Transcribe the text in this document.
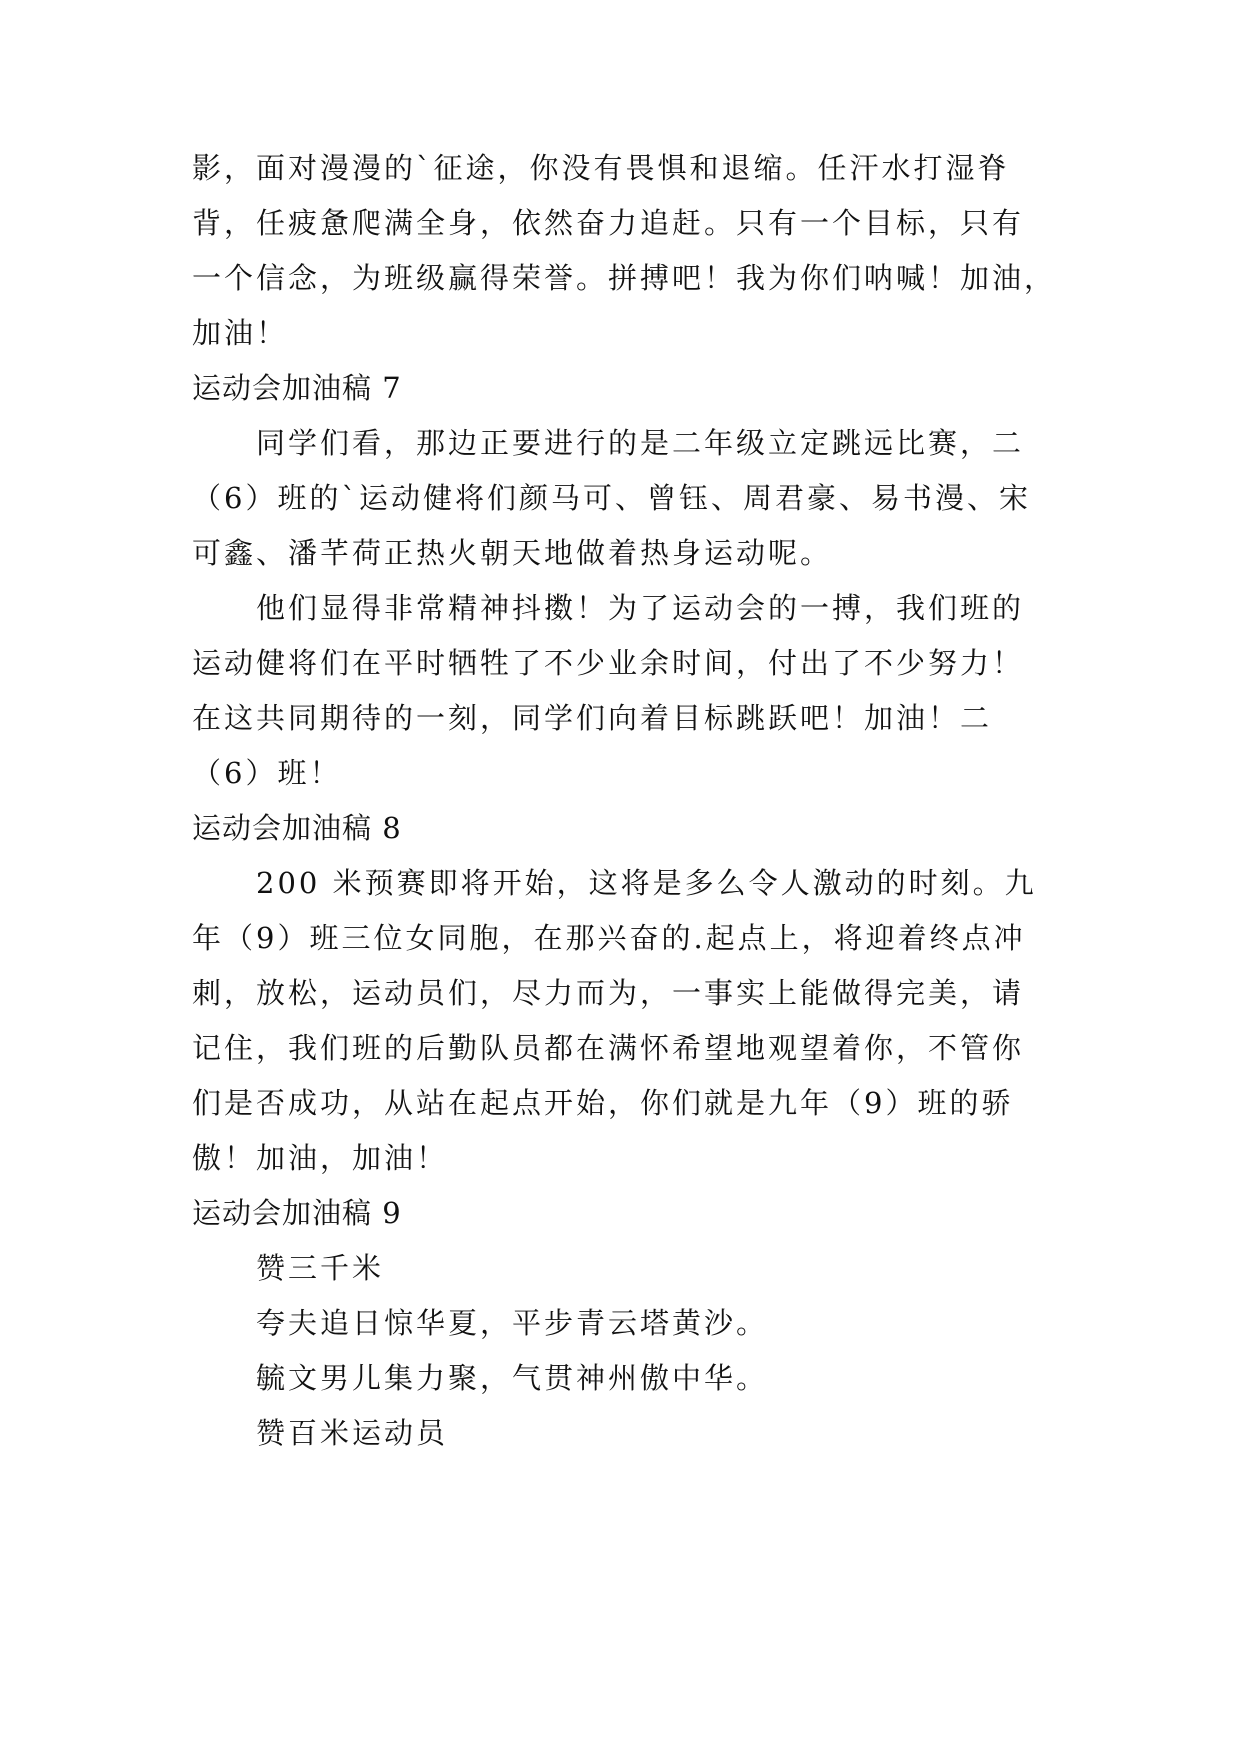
影，面对漫漫的`征途，你没有畏惧和退缩。任汗水打湿脊
背，任疲惫爬满全身，依然奋力追赶。只有一个目标，只有
一个信念，为班级赢得荣誉。拼搏吧！我为你们呐喊！加油，
加油！
运动会加油稿 7
同学们看，那边正要进行的是二年级立定跳远比赛，二
（6）班的`运动健将们颜马可、曾钰、周君豪、易书漫、宋
可鑫、潘芊荷正热火朝天地做着热身运动呢。
他们显得非常精神抖擞！为了运动会的一搏，我们班的
运动健将们在平时牺牲了不少业余时间，付出了不少努力！
在这共同期待的一刻，同学们向着目标跳跃吧！加油！二
（6）班！
运动会加油稿 8
200 米预赛即将开始，这将是多么令人激动的时刻。九
年（9）班三位女同胞，在那兴奋的.起点上，将迎着终点冲
刺，放松，运动员们，尽力而为，一事实上能做得完美，请
记住，我们班的后勤队员都在满怀希望地观望着你，不管你
们是否成功，从站在起点开始，你们就是九年（9）班的骄
傲！加油，加油！
运动会加油稿 9
赞三千米
夸夫追日惊华夏，平步青云塔黄沙。
毓文男儿集力聚，气贯神州傲中华。
赞百米运动员
